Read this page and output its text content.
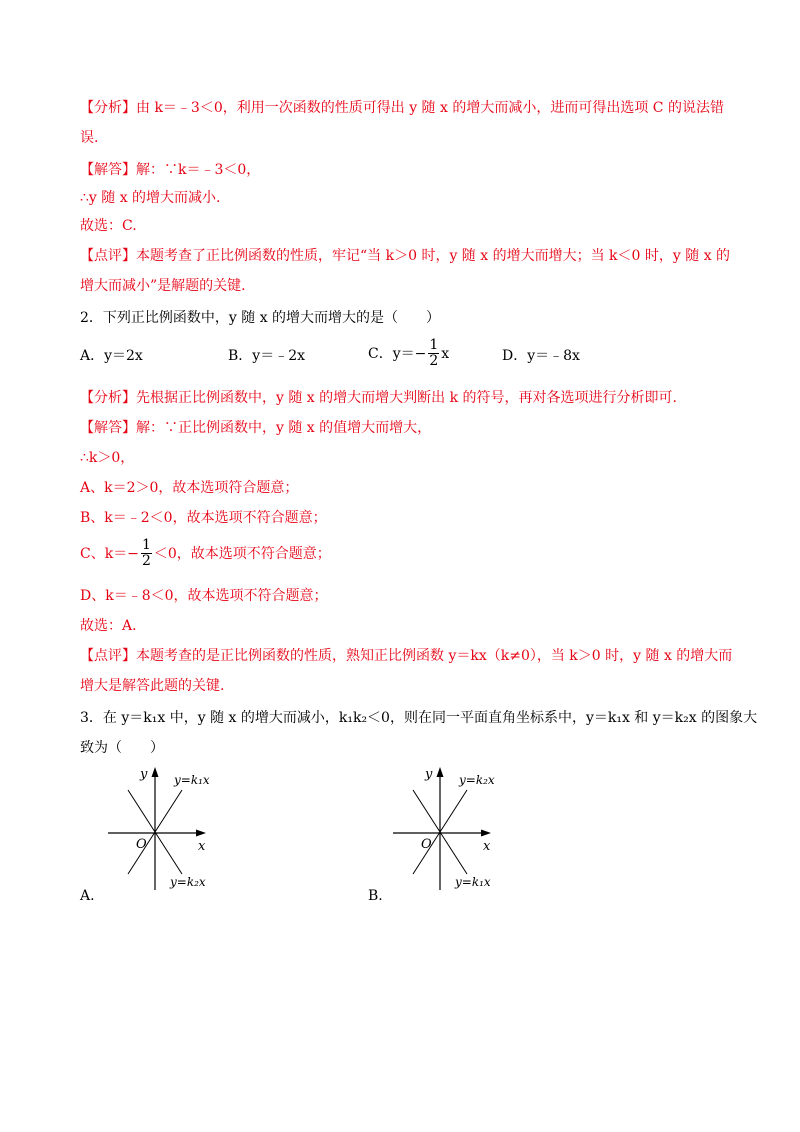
【分析】由 k＝﹣3＜0，利用一次函数的性质可得出 y 随 x 的增大而减小，进而可得出选项 C 的说法错
误.
【解答】解：∵k＝﹣3＜0，
∴y 随 x 的增大而减小.
故选：C.
【点评】本题考查了正比例函数的性质，牢记“当 k＞0 时，y 随 x 的增大而增大；当 k＜0 时，y 随 x 的
增大而减小”是解题的关键.
2．下列正比例函数中，y 随 x 的增大而增大的是（　　）
A．y＝2x	B．y＝﹣2x	C．$y=- \frac{1}{2}$ x	D．y＝﹣8x
【分析】先根据正比例函数中，y 随 x 的增大而增大判断出 k 的符号，再对各选项进行分析即可.
【解答】解：∵正比例函数中，y 随 x 的值增大而增大，
∴k＞0，
A、k＝2＞0，故本选项符合题意；
B、k＝﹣2＜0，故本选项不符合题意；
C、$k=- \frac{1}{2} <0$，故本选项不符合题意；
D、k＝﹣8＜0，故本选项不符合题意；
故选：A.
【点评】本题考查的是正比例函数的性质，熟知正比例函数 y＝kx（k≠0），当 k＞0 时，y 随 x 的增大而
增大是解答此题的关键.
3．在 y＝k₁x 中，y 随 x 的增大而减小，k₁k₂＜0，则在同一平面直角坐标系中，y＝k₁x 和 y＝k₂x 的图象大
致为（　　）
y
x
O
y=k₁x
y=k₂x
A.
y
x
O
y=k₂x
y=k₁x
B.
